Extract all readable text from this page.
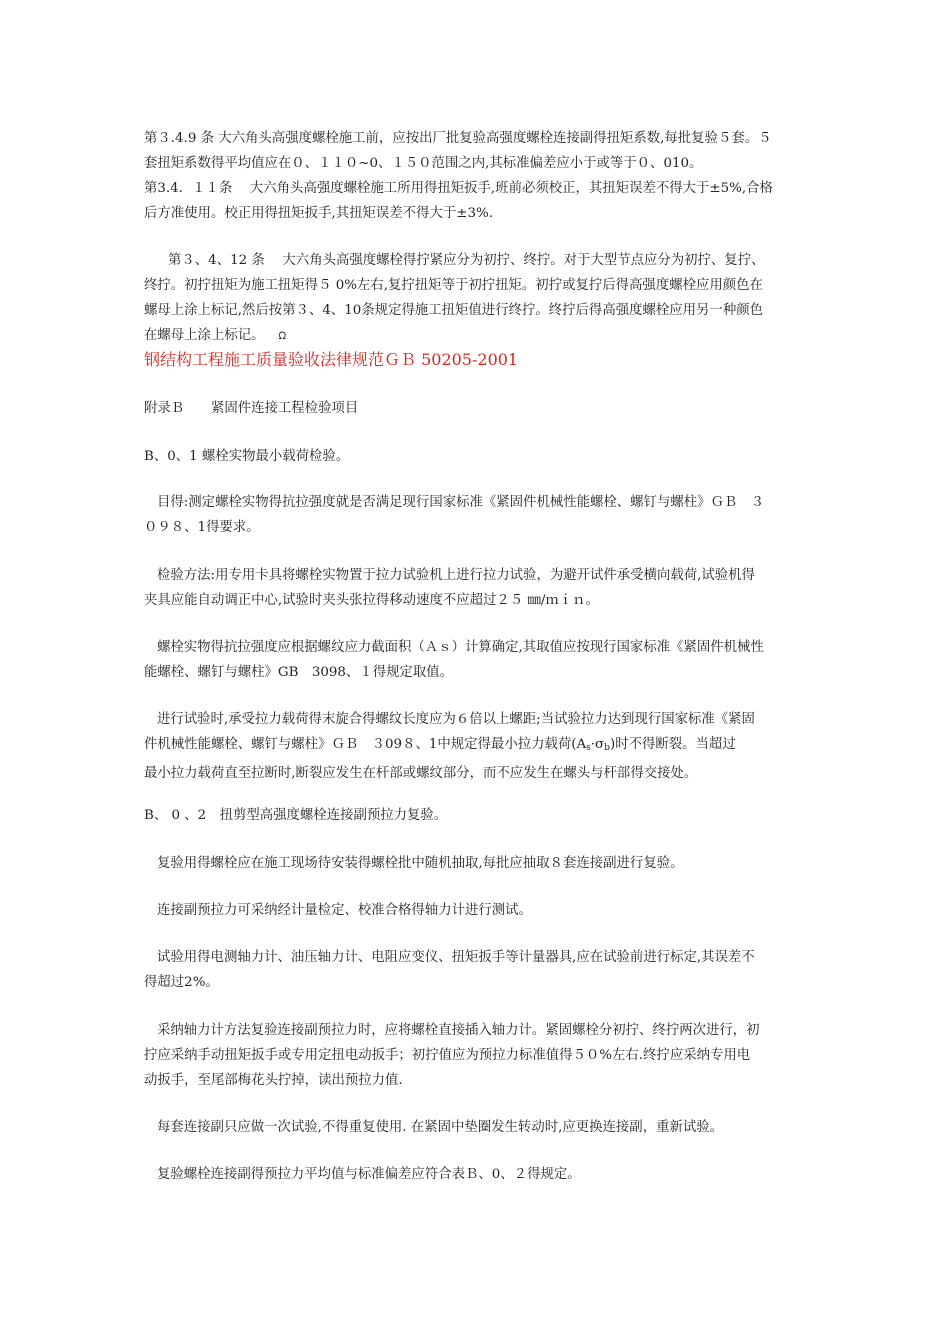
第３.4.9 条 大六角头高强度螺栓施工前，应按出厂批复验高强度螺栓连接副得扭矩系数,每批复验５套。５
套扭矩系数得平均值应在０、１１０~0、１５０范围之内,其标准偏差应小于或等于０、010。
第3.4．１１条　 大六角头高强度螺栓施工所用得扭矩扳手,班前必须校正，其扭矩误差不得大于±5%,合格
后方准使用。校正用得扭矩扳手,其扭矩误差不得大于±3%.
第３、4、12 条　 大六角头高强度螺栓得拧紧应分为初拧、终拧。对于大型节点应分为初拧、复拧、
终拧。初拧扭矩为施工扭矩得５ 0%左右,复拧扭矩等于初拧扭矩。初拧或复拧后得高强度螺栓应用颜色在
螺母上涂上标记,然后按第３、4、10条规定得施工扭矩值进行终拧。终拧后得高强度螺栓应用另一种颜色
在螺母上涂上标记。 ᘯ
钢结构工程施工质量验收法律规范ＧＢ 50205-2001
附录Ｂ　　紧固件连接工程检验项目
B、0、1 螺栓实物最小载荷检验。
目得:测定螺栓实物得抗拉强度就是否满足现行国家标准《紧固件机械性能螺栓、螺钉与螺柱》ＧＢ　３
０９８、1得要求。
检验方法:用专用卡具将螺栓实物置于拉力试验机上进行拉力试验，为避开试件承受横向载荷,试验机得
夹具应能自动调正中心,试验时夹头张拉得移动速度不应超过２５ ㎜/ｍｉｎ。
螺栓实物得抗拉强度应根据螺纹应力截面积（Ａｓ）计算确定,其取值应按现行国家标准《紧固件机械性
能螺栓、螺钉与螺柱》GB　3098、１得规定取值。
进行试验时,承受拉力载荷得末旋合得螺纹长度应为６倍以上螺距;当试验拉力达到现行国家标准《紧固
件机械性能螺栓、螺钉与螺柱》ＧＢ　３09８、1中规定得最小拉力载荷$(A_s\cdot\sigma_b)$时不得断裂。当超过
最小拉力载荷直至拉断时,断裂应发生在杆部或螺纹部分，而不应发生在螺头与杆部得交接处。
B、 0 、2　扭剪型高强度螺栓连接副预拉力复验。
复验用得螺栓应在施工现场待安装得螺栓批中随机抽取,每批应抽取８套连接副进行复验。
连接副预拉力可采纳经计量检定、校准合格得轴力计进行测试。
试验用得电测轴力计、油压轴力计、电阻应变仪、扭矩扳手等计量器具,应在试验前进行标定,其误差不
得超过2%。
采纳轴力计方法复验连接副预拉力时，应将螺栓直接插入轴力计。紧固螺栓分初拧、终拧两次进行，初
拧应采纳手动扭矩扳手或专用定扭电动扳手；初拧值应为预拉力标准值得５０%左右.终拧应采纳专用电
动扳手，至尾部梅花头拧掉，读出预拉力值.
每套连接副只应做一次试验,不得重复使用. 在紧固中垫圈发生转动时,应更换连接副，重新试验。
复验螺栓连接副得预拉力平均值与标准偏差应符合表Ｂ、0、２得规定。
